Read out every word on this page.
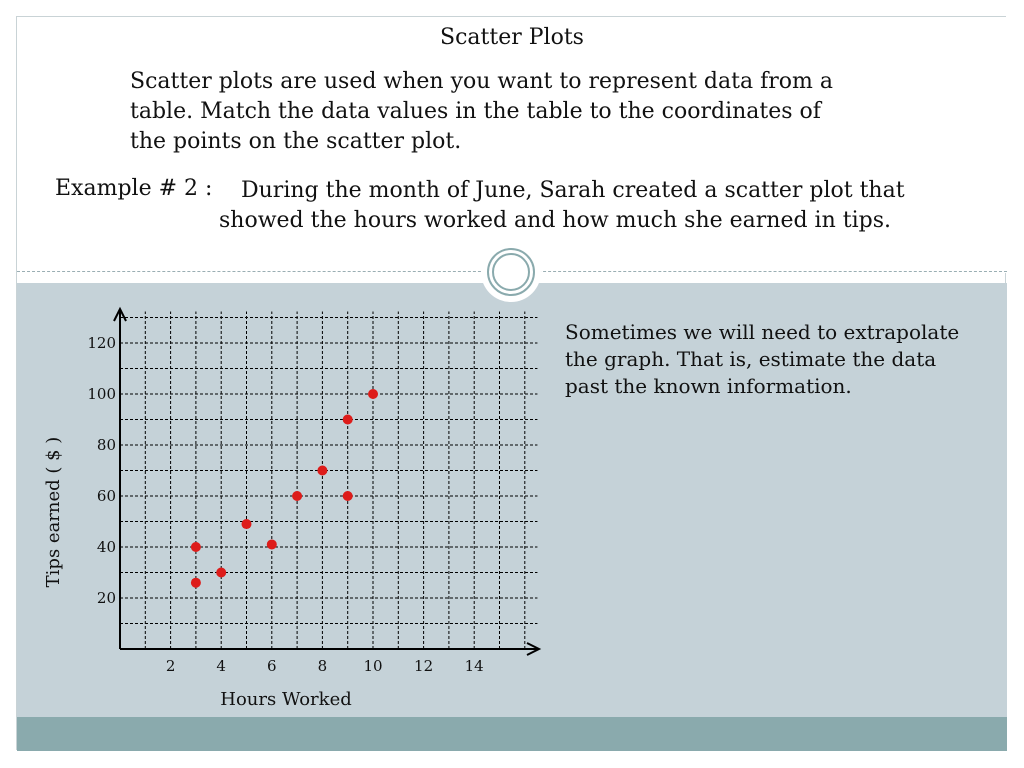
Scatter Plots
Scatter plots are used when you want to represent data from a table. Match the data values in the table to the coordinates of the points on the scatter plot.
Example # 2 :	During the month of June, Sarah created a scatter plot that
showed the hours worked and how much she earned in tips.
Sometimes we will need to extrapolate the graph. That is, estimate the data past the known information.
2	4	6	8 10 12 14
20
40
60
80
100
120
Hours Worked
Tips earned ( $ )
